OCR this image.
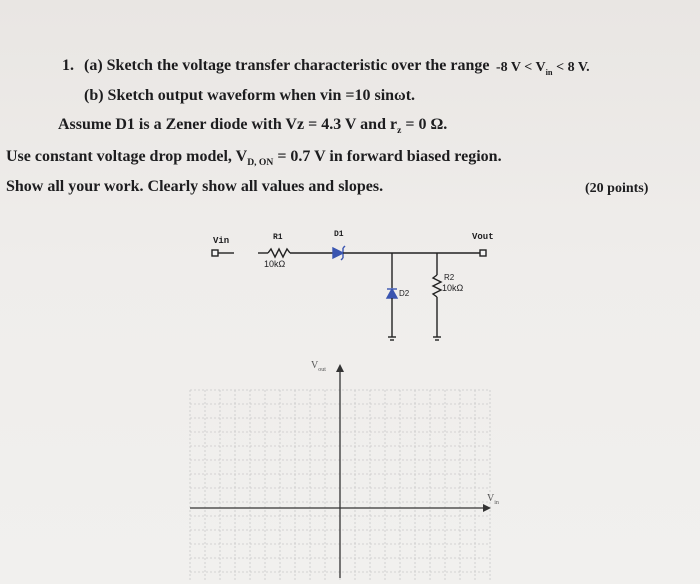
1. (a) Sketch the voltage transfer characteristic over the range -8 $V < V_{in} < 8$ V.
(b) Sketch output waveform when vin =10 sinωt.
Assume D1 is a Zener diode with Vz = 4.3 V and $r_z = 0$ Ω.
Use constant voltage drop model, $V_{D, ON} = 0.7$ V in forward biased region.
Show all your work. Clearly show all values and slopes.	(20 points)
Vin	R1
10kΩ
D1	Vout
D2
R2
10kΩ
$V_{out}$
$V_{in}$
